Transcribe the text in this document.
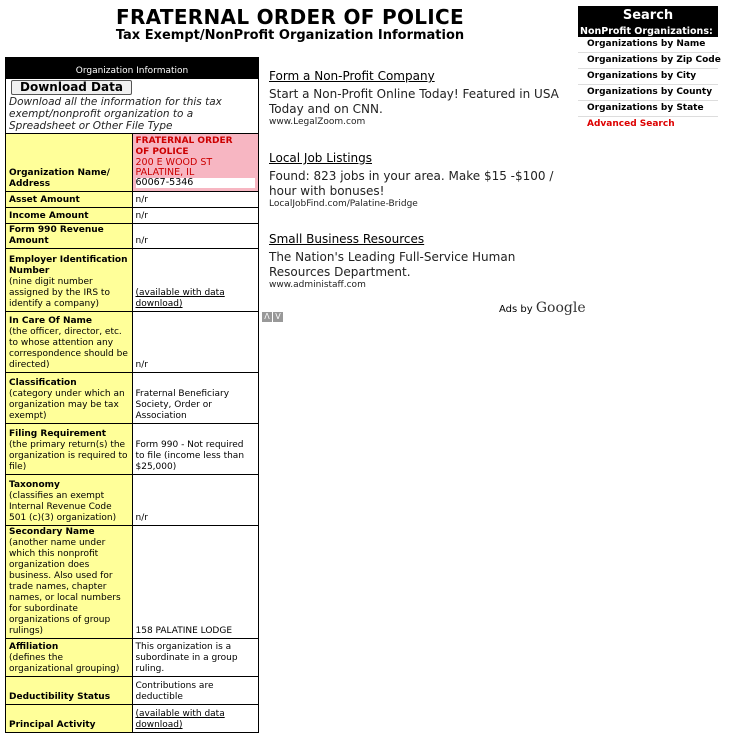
FRATERNAL ORDER OF POLICE
Tax Exempt/NonProfit Organization Information
Search
NonProfit Organizations:
Organizations by Name
Organizations by Zip Code
Organizations by City
Organizations by County
Organizations by State
Advanced Search
Organization Information	
Download Data
Download all the information for this tax exempt/nonprofit organization to a Spreadsheet or Other File Type	

Organization Name/ Address	FRATERNAL ORDER
OF POLICE
200 E WOOD ST
PALATINE, IL
60067-5346

Asset Amount	n/r
Income Amount	n/r
Form 990 Revenue Amount	n/r
Employer Identification Number
(nine digit number assigned by the IRS to identify a company)	(available with data download)
In Care Of Name
(the officer, director, etc. to whose attention any correspondence should be directed)	n/r
Classification
(category under which an organization may be tax exempt)	Fraternal Beneficiary Society, Order or Association
Filing Requirement
(the primary return(s) the organization is required to file)	Form 990 - Not required to file (income less than $25,000)
Taxonomy
(classifies an exempt Internal Revenue Code 501 (c)(3) organization)	n/r
Secondary Name
(another name under which this nonprofit organization does business. Also used for trade names, chapter names, or local numbers for subordinate organizations of group rulings)	158 PALATINE LODGE
Affiliation
(defines the organizational grouping)	This organization is a subordinate in a group ruling.
Deductibility Status	Contributions are deductible
Principal Activity	(available with data download)
Form a Non-Profit Company
Start a Non-Profit Online Today! Featured in USA Today and on CNN.
www.LegalZoom.com
Local Job Listings
Found: 823 jobs in your area. Make $15 -$100 / hour with bonuses!
LocalJobFind.com/Palatine-Bridge
Small Business Resources
The Nation's Leading Full-Service Human Resources Department.
www.administaff.com
Λ V
Ads by Google
